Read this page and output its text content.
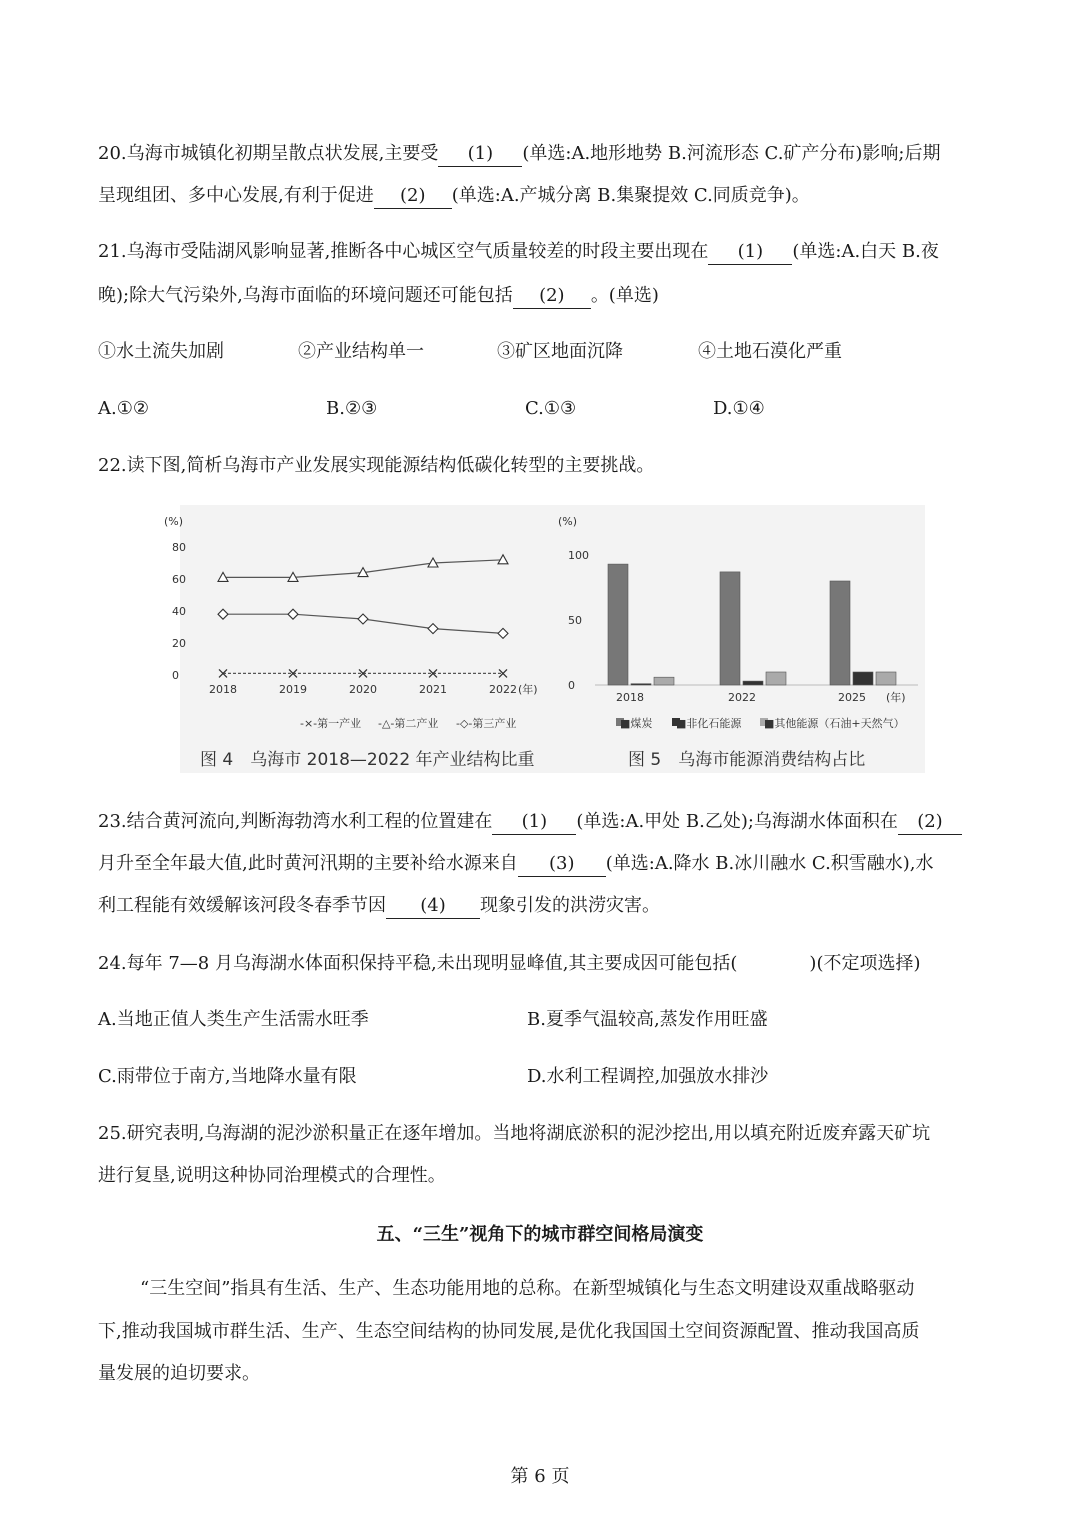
20.乌海市城镇化初期呈散点状发展,主要受 (1) (单选:A.地形地势 B.河流形态 C.矿产分布)影响;后期
呈现组团、多中心发展,有利于促进 (2) (单选:A.产城分离 B.集聚提效 C.同质竞争)。
21.乌海市受陆湖风影响显著,推断各中心城区空气质量较差的时段主要出现在 (1) (单选:A.白天 B.夜
晚);除大气污染外,乌海市面临的环境问题还可能包括 (2) 。(单选)
①水土流失加剧	②产业结构单一	③矿区地面沉降	④土地石漠化严重
A.①②	B.②③	C.①③	D.①④
22.读下图,简析乌海市产业发展实现能源结构低碳化转型的主要挑战。
(%)
0
20
40
60
80
2018	2019	2020	2021	2022 (年)
-×-第一产业 -△-第二产业 -◇-第三产业
图 4　乌海市 2018—2022 年产业结构比重
(%)
0
50
100
2018	2022	2025 (年)
■煤炭 ■非化石能源 ■其他能源（石油+天然气）
图 5　乌海市能源消费结构占比
23.结合黄河流向,判断海勃湾水利工程的位置建在 (1) (单选:A.甲处 B.乙处);乌海湖水体面积在 (2)
月升至全年最大值,此时黄河汛期的主要补给水源来自 (3) (单选:A.降水 B.冰川融水 C.积雪融水),水
利工程能有效缓解该河段冬春季节因 (4) 现象引发的洪涝灾害。
24.每年 7—8 月乌海湖水体面积保持平稳,未出现明显峰值,其主要成因可能包括(　　　　)(不定项选择)
A.当地正值人类生产生活需水旺季	B.夏季气温较高,蒸发作用旺盛
C.雨带位于南方,当地降水量有限	D.水利工程调控,加强放水排沙
25.研究表明,乌海湖的泥沙淤积量正在逐年增加。当地将湖底淤积的泥沙挖出,用以填充附近废弃露天矿坑
进行复垦,说明这种协同治理模式的合理性。
五、“三生”视角下的城市群空间格局演变
“三生空间”指具有生活、生产、生态功能用地的总称。在新型城镇化与生态文明建设双重战略驱动
下,推动我国城市群生活、生产、生态空间结构的协同发展,是优化我国国土空间资源配置、推动我国高质
量发展的迫切要求。
第 6 页
